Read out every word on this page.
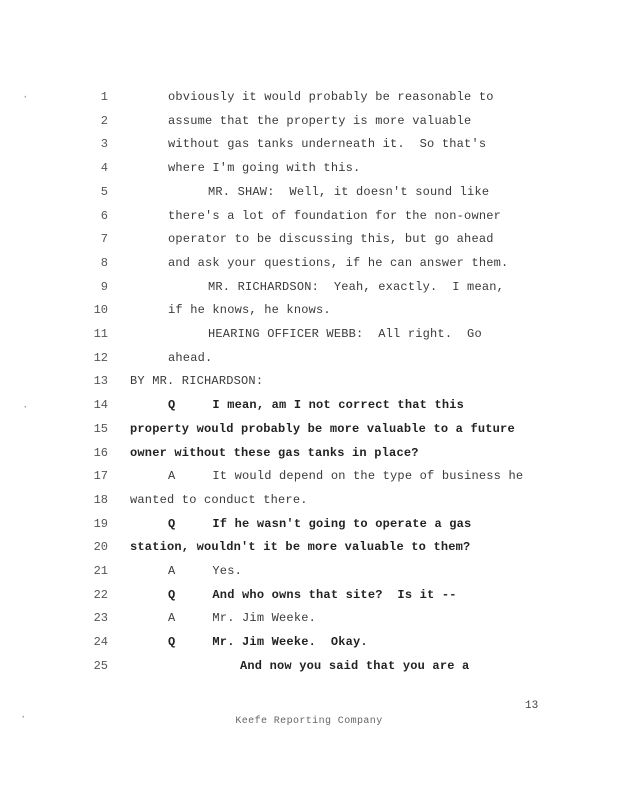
·
·
·
1	obviously it would probably be reasonable to
2	assume that the property is more valuable
3	without gas tanks underneath it.  So that's
4	where I'm going with this.
5	MR. SHAW:  Well, it doesn't sound like
6	there's a lot of foundation for the non-owner
7	operator to be discussing this, but go ahead
8	and ask your questions, if he can answer them.
9	MR. RICHARDSON:  Yeah, exactly.  I mean,
10	if he knows, he knows.
11	HEARING OFFICER WEBB:  All right.  Go
12	ahead.
13 BY MR. RICHARDSON:
14	Q     I mean, am I not correct that this
15 property would probably be more valuable to a future
16 owner without these gas tanks in place?
17	A     It would depend on the type of business he
18 wanted to conduct there.
19	Q     If he wasn't going to operate a gas
20 station, wouldn't it be more valuable to them?
21	A     Yes.
22	Q     And who owns that site?  Is it --
23	A     Mr. Jim Weeke.
24	Q     Mr. Jim Weeke.  Okay.
25	And now you said that you are a
13
Keefe Reporting Company
